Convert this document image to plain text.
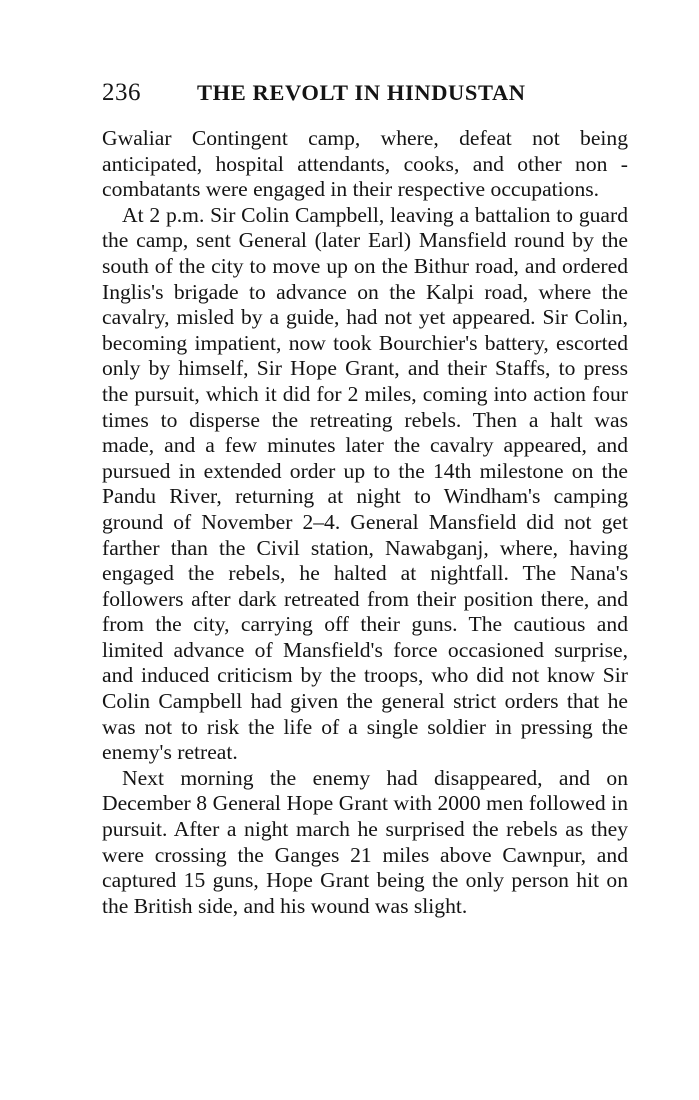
236 THE REVOLT IN HINDUSTAN

Gwaliar Contingent camp, where, defeat not being anticipated, hospital attendants, cooks, and other non - combatants were engaged in their respective occupations.

At 2 p.m. Sir Colin Campbell, leaving a battalion to guard the camp, sent General (later Earl) Mansfield round by the south of the city to move up on the Bithur road, and ordered Inglis's brigade to advance on the Kalpi road, where the cavalry, misled by a guide, had not yet appeared. Sir Colin, becoming impatient, now took Bourchier's battery, escorted only by himself, Sir Hope Grant, and their Staffs, to press the pursuit, which it did for 2 miles, coming into action four times to disperse the retreating rebels. Then a halt was made, and a few minutes later the cavalry appeared, and pursued in extended order up to the 14th milestone on the Pandu River, returning at night to Windham's camping ground of November 2–4. General Mansfield did not get farther than the Civil station, Nawabganj, where, having engaged the rebels, he halted at nightfall. The Nana's followers after dark retreated from their position there, and from the city, carrying off their guns. The cautious and limited advance of Mansfield's force occasioned surprise, and induced criticism by the troops, who did not know Sir Colin Campbell had given the general strict orders that he was not to risk the life of a single soldier in pressing the enemy's retreat.

Next morning the enemy had disappeared, and on December 8 General Hope Grant with 2000 men followed in pursuit. After a night march he surprised the rebels as they were crossing the Ganges 21 miles above Cawnpur, and captured 15 guns, Hope Grant being the only person hit on the British side, and his wound was slight.
